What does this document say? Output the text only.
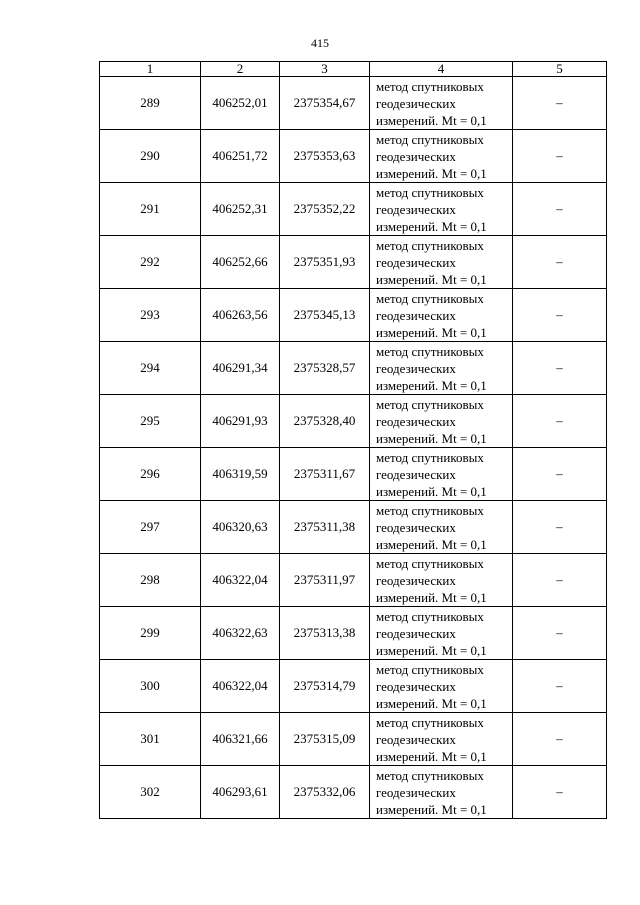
415
1	2	3	4	5
289	406252,01	2375354,67	метод спутниковых
геодезических
измерений. Mt = 0,1	–
290	406251,72	2375353,63	метод спутниковых
геодезических
измерений. Mt = 0,1	–
291	406252,31	2375352,22	метод спутниковых
геодезических
измерений. Mt = 0,1	–
292	406252,66	2375351,93	метод спутниковых
геодезических
измерений. Mt = 0,1	–
293	406263,56	2375345,13	метод спутниковых
геодезических
измерений. Mt = 0,1	–
294	406291,34	2375328,57	метод спутниковых
геодезических
измерений. Mt = 0,1	–
295	406291,93	2375328,40	метод спутниковых
геодезических
измерений. Mt = 0,1	–
296	406319,59	2375311,67	метод спутниковых
геодезических
измерений. Mt = 0,1	–
297	406320,63	2375311,38	метод спутниковых
геодезических
измерений. Mt = 0,1	–
298	406322,04	2375311,97	метод спутниковых
геодезических
измерений. Mt = 0,1	–
299	406322,63	2375313,38	метод спутниковых
геодезических
измерений. Mt = 0,1	–
300	406322,04	2375314,79	метод спутниковых
геодезических
измерений. Mt = 0,1	–
301	406321,66	2375315,09	метод спутниковых
геодезических
измерений. Mt = 0,1	–
302	406293,61	2375332,06	метод спутниковых
геодезических
измерений. Mt = 0,1	–
